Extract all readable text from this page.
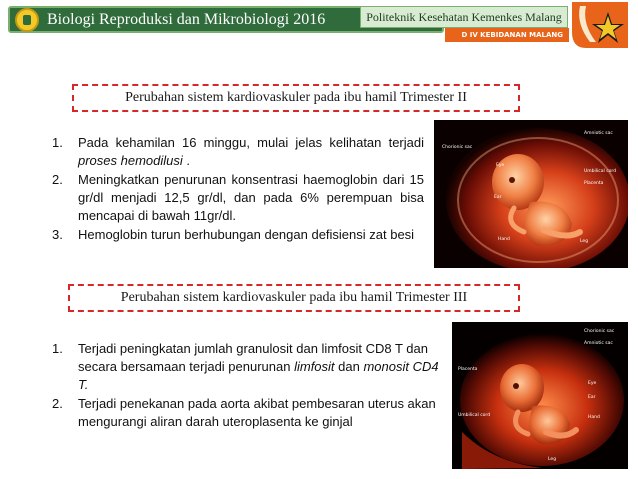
Biologi Reproduksi dan Mikrobiologi 2016	Politeknik Kesehatan Kemenkes Malang
D IV KEBIDANAN MALANG
Perubahan sistem kardiovaskuler pada ibu hamil Trimester II
1.	Pada kehamilan 16 minggu, mulai jelas kelihatan terjadi proses hemodilusi .
2.	Meningkatkan penurunan konsentrasi haemoglobin dari 15 gr/dl menjadi 12,5 gr/dl, dan pada 6% perempuan bisa mencapai di bawah 11gr/dl.
3.	Hemoglobin turun berhubungan dengan defisiensi zat besi
Chorionic sac
Amniotic sac
Eye
Umbilical cord
Placenta
Ear
Hand	Leg
Perubahan sistem kardiovaskuler pada ibu hamil Trimester III
1.	Terjadi peningkatan jumlah granulosit dan limfosit CD8 T dan secara bersamaan terjadi penurunan limfosit dan monosit CD4 T.
2.	Terjadi penekanan pada aorta akibat pembesaran uterus akan mengurangi aliran darah uteroplasenta ke ginjal
Chorionic sac
Amniotic sac
Placenta
Umbilical cord
Eye
Ear
Hand
Leg
